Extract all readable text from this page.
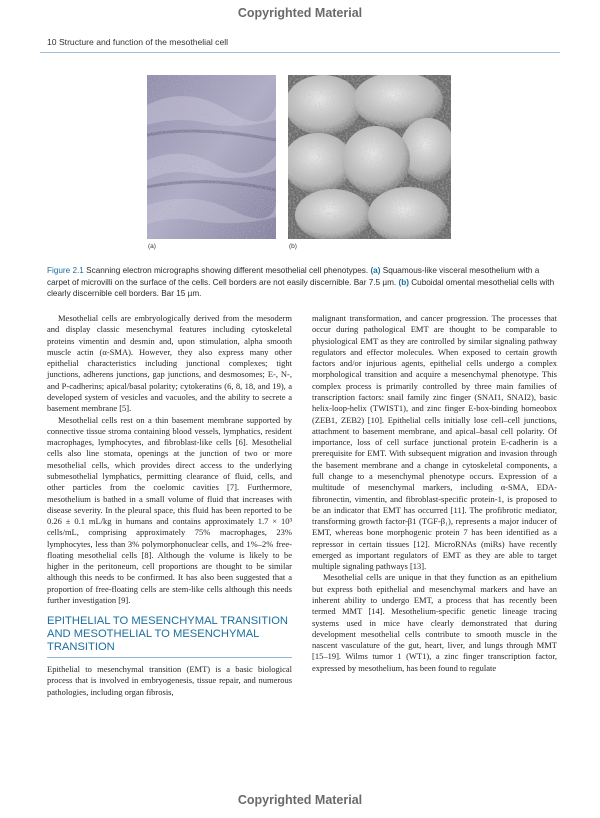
Copyrighted Material
10 Structure and function of the mesothelial cell
(a)	(b)
Figure 2.1 Scanning electron micrographs showing different mesothelial cell phenotypes. (a) Squamous-like visceral mesothelium with a carpet of microvilli on the surface of the cells. Cell borders are not easily discernible. Bar 7.5 µm. (b) Cuboidal omental mesothelial cells with clearly discernible cell borders. Bar 15 µm.

Mesothelial cells are embryologically derived from the mesoderm and display classic mesenchymal features including cytoskeletal proteins vimentin and desmin and, upon stimulation, alpha smooth muscle actin (α-SMA). However, they also express many other epithelial characteristics including junctional complexes; tight junctions, adherens junctions, gap junctions, and desmosomes; E-, N-, and P-cadherins; apical/basal polarity; cytokeratins (6, 8, 18, and 19), a developed system of vesicles and vacuoles, and the ability to secrete a basement membrane [5].

Mesothelial cells rest on a thin basement membrane supported by connective tissue stroma containing blood vessels, lymphatics, resident macrophages, lymphocytes, and fibroblast-like cells [6]. Mesothelial cells also line stomata, openings at the junction of two or more mesothelial cells, which provides direct access to the underlying submesothelial lymphatics, permitting clearance of fluid, cells, and other particles from the coelomic cavities [7]. Furthermore, mesothelium is bathed in a small volume of fluid that increases with disease severity. In the pleural space, this fluid has been reported to be 0.26 ± 0.1 mL/kg in humans and contains approximately 1.7 × 10³ cells/mL, comprising approximately 75% macrophages, 23% lymphocytes, less than 3% polymorphonuclear cells, and 1%–2% free-floating mesothelial cells [8]. Although the volume is likely to be higher in the peritoneum, cell proportions are thought to be similar although this needs to be confirmed. It has also been suggested that a proportion of free-floating cells are stem-like cells although this needs further investigation [9].

EPITHELIAL TO MESENCHYMAL TRANSITION AND MESOTHELIAL TO MESENCHYMAL TRANSITION

Epithelial to mesenchymal transition (EMT) is a basic biological process that is involved in embryogenesis, tissue repair, and numerous pathologies, including organ fibrosis,

malignant transformation, and cancer progression. The processes that occur during pathological EMT are thought to be comparable to physiological EMT as they are controlled by similar signaling pathway regulators and effector molecules. When exposed to certain growth factors and/or injurious agents, epithelial cells undergo a complex morphological transition and acquire a mesenchymal phenotype. This complex process is primarily controlled by three main families of transcription factors: snail family zinc finger (SNAI1, SNAI2), basic helix-loop-helix (TWIST1), and zinc finger E-box-binding homeobox (ZEB1, ZEB2) [10]. Epithelial cells initially lose cell–cell junctions, attachment to basement membrane, and apical–basal cell polarity. Of importance, loss of cell surface junctional protein E-cadherin is a prerequisite for EMT. With subsequent migration and invasion through the basement membrane and a change in cytoskeletal components, a full change to a mesenchymal phenotype occurs. Expression of a multitude of mesenchymal markers, including α-SMA, EDA-fibronectin, vimentin, and fibroblast-specific protein-1, is proposed to be an indicator that EMT has occurred [11]. The profibrotic mediator, transforming growth factor-β1 (TGF-β₁), represents a major inducer of EMT, whereas bone morphogenic protein 7 has been identified as a repressor in certain tissues [12]. MicroRNAs (miRs) have recently emerged as important regulators of EMT as they are able to target multiple signaling pathways [13].

Mesothelial cells are unique in that they function as an epithelium but express both epithelial and mesenchymal markers and have an inherent ability to undergo EMT, a process that has recently been termed MMT [14]. Mesothelium-specific genetic lineage tracing systems used in mice have clearly demonstrated that during development mesothelial cells contribute to smooth muscle in the nascent vasculature of the gut, heart, liver, and lungs through MMT [15–19]. Wilms tumor 1 (WT1), a zinc finger transcription factor, expressed by mesothelium, has been found to regulate

Copyrighted Material
